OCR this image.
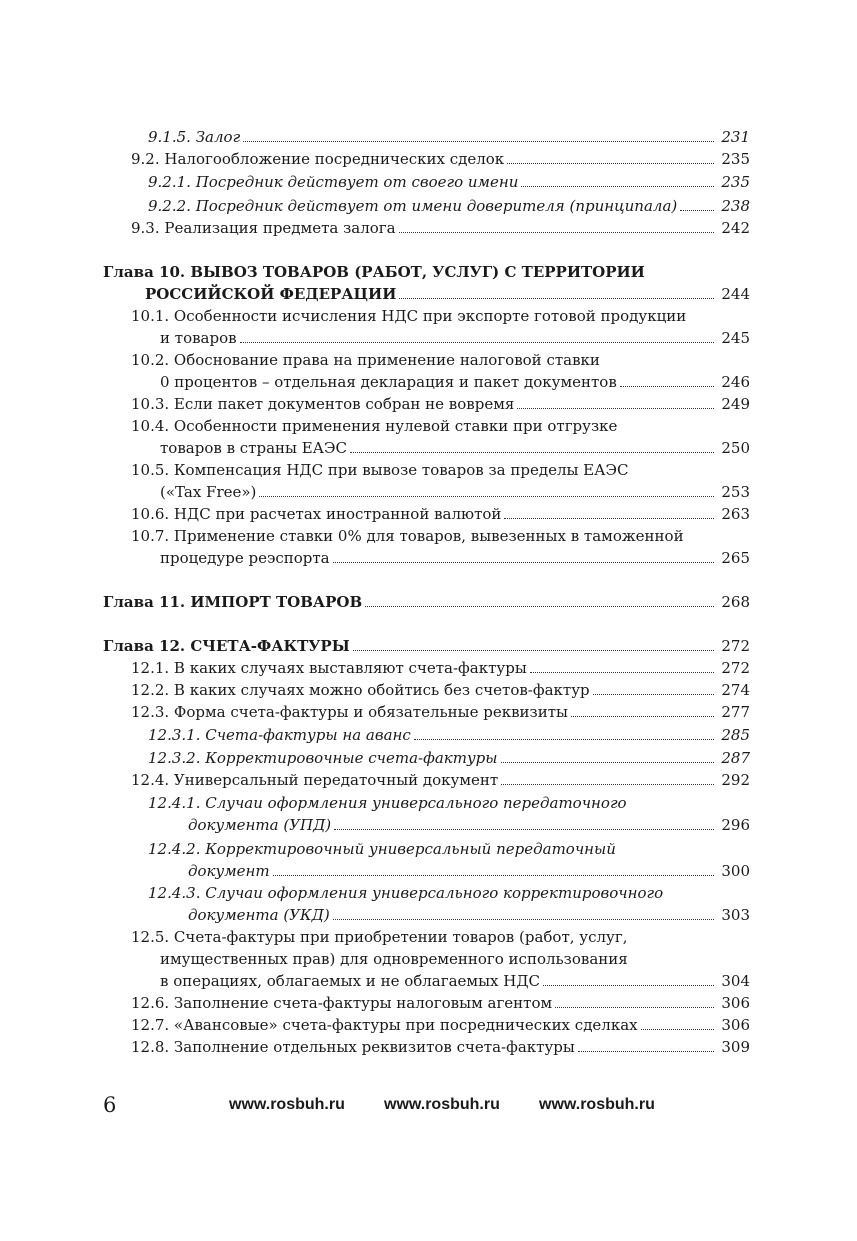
9.1.5. Залог	231
9.2. Налогообложение посреднических сделок	235
9.2.1. Посредник действует от своего имени	235
9.2.2. Посредник действует от имени доверителя (принципала)	238
9.3. Реализация предмета залога	242
Глава 10. ВЫВОЗ ТОВАРОВ (РАБОТ, УСЛУГ) С ТЕРРИТОРИИ
РОССИЙСКОЙ ФЕДЕРАЦИИ	244
10.1. Особенности исчисления НДС при экспорте готовой продукции
и товаров	245
10.2. Обоснование права на применение налоговой ставки
0 процентов – отдельная декларация и пакет документов	246
10.3. Если пакет документов собран не вовремя	249
10.4. Особенности применения нулевой ставки при отгрузке
товаров в страны ЕАЭС	250
10.5. Компенсация НДС при вывозе товаров за пределы ЕАЭС
(«Tax Free»)	253
10.6. НДС при расчетах иностранной валютой	263
10.7. Применение ставки 0% для товаров, вывезенных в таможенной
процедуре реэспорта	265
Глава 11. ИМПОРТ ТОВАРОВ	268
Глава 12. СЧЕТА-ФАКТУРЫ	272
12.1. В каких случаях выставляют счета-фактуры	272
12.2. В каких случаях можно обойтись без счетов-фактур	274
12.3. Форма счета-фактуры и обязательные реквизиты	277
12.3.1. Счета-фактуры на аванс	285
12.3.2. Корректировочные счета-фактуры	287
12.4. Универсальный передаточный документ	292
12.4.1. Случаи оформления универсального передаточного
документа (УПД)	296
12.4.2. Корректировочный универсальный передаточный
документ	300
12.4.3. Случаи оформления универсального корректировочного
документа (УКД)	303
12.5. Счета-фактуры при приобретении товаров (работ, услуг,
имущественных прав) для одновременного использования
в операциях, облагаемых и не облагаемых НДС	304
12.6. Заполнение счета-фактуры налоговым агентом	306
12.7. «Авансовые» счета-фактуры при посреднических сделках	306
12.8. Заполнение отдельных реквизитов счета-фактуры	309
6	www.rosbuh.ru www.rosbuh.ru www.rosbuh.ru
